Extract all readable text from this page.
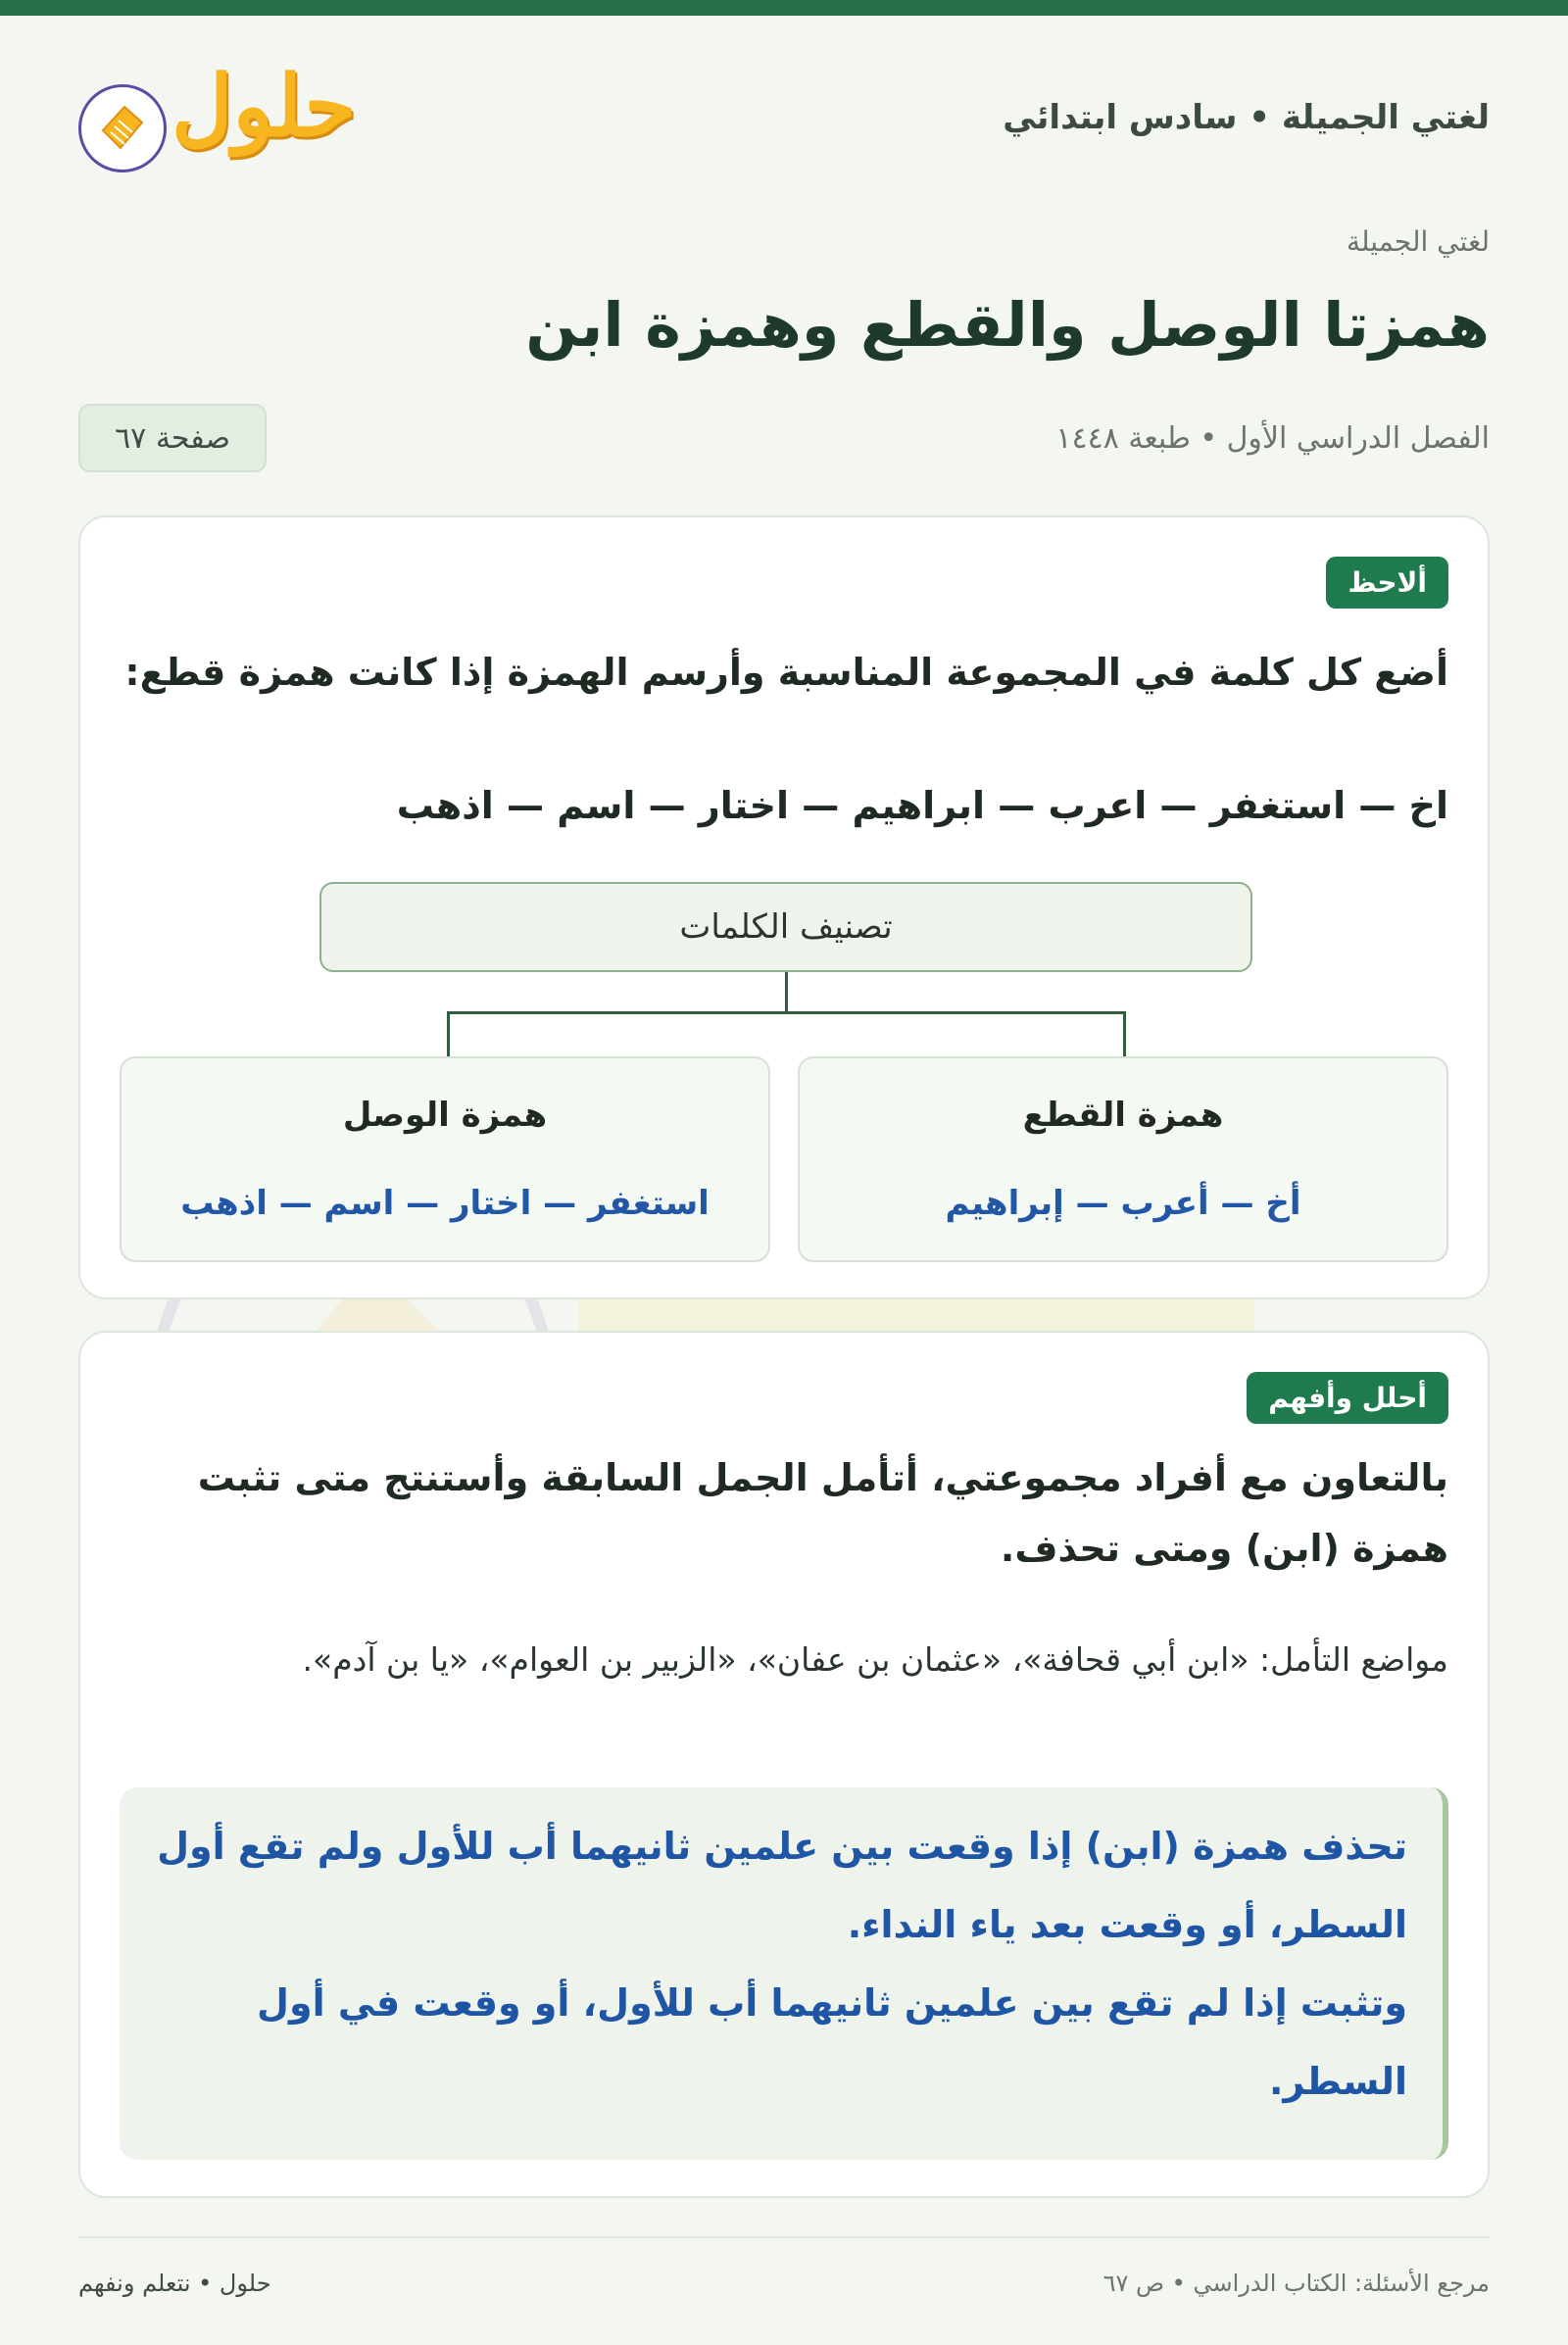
لغتي الجميلة • سادس ابتدائي
حلول
لغتي الجميلة
همزتا الوصل والقطع وهمزة ابن
الفصل الدراسي الأول • طبعة ١٤٤٨
صفحة ٦٧
ألاحظ
أضع كل كلمة في المجموعة المناسبة وأرسم الهمزة إذا كانت همزة قطع:
اخ — استغفر — اعرب — ابراهيم — اختار — اسم — اذهب
تصنيف الكلمات
همزة القطع
أخ — أعرب — إبراهيم
همزة الوصل
استغفر — اختار — اسم — اذهب
أحلل وأفهم
بالتعاون مع أفراد مجموعتي، أتأمل الجمل السابقة وأستنتج متى تثبت همزة (ابن) ومتى تحذف.
مواضع التأمل: «ابن أبي قحافة»، «عثمان بن عفان»، «الزبير بن العوام»، «يا بن آدم».

تحذف همزة (ابن) إذا وقعت بين علمين ثانيهما أب للأول ولم تقع أول السطر، أو وقعت بعد ياء النداء.

وتثبت إذا لم تقع بين علمين ثانيهما أب للأول، أو وقعت في أول السطر.

مرجع الأسئلة: الكتاب الدراسي • ص ٦٧
حلول • نتعلم ونفهم
